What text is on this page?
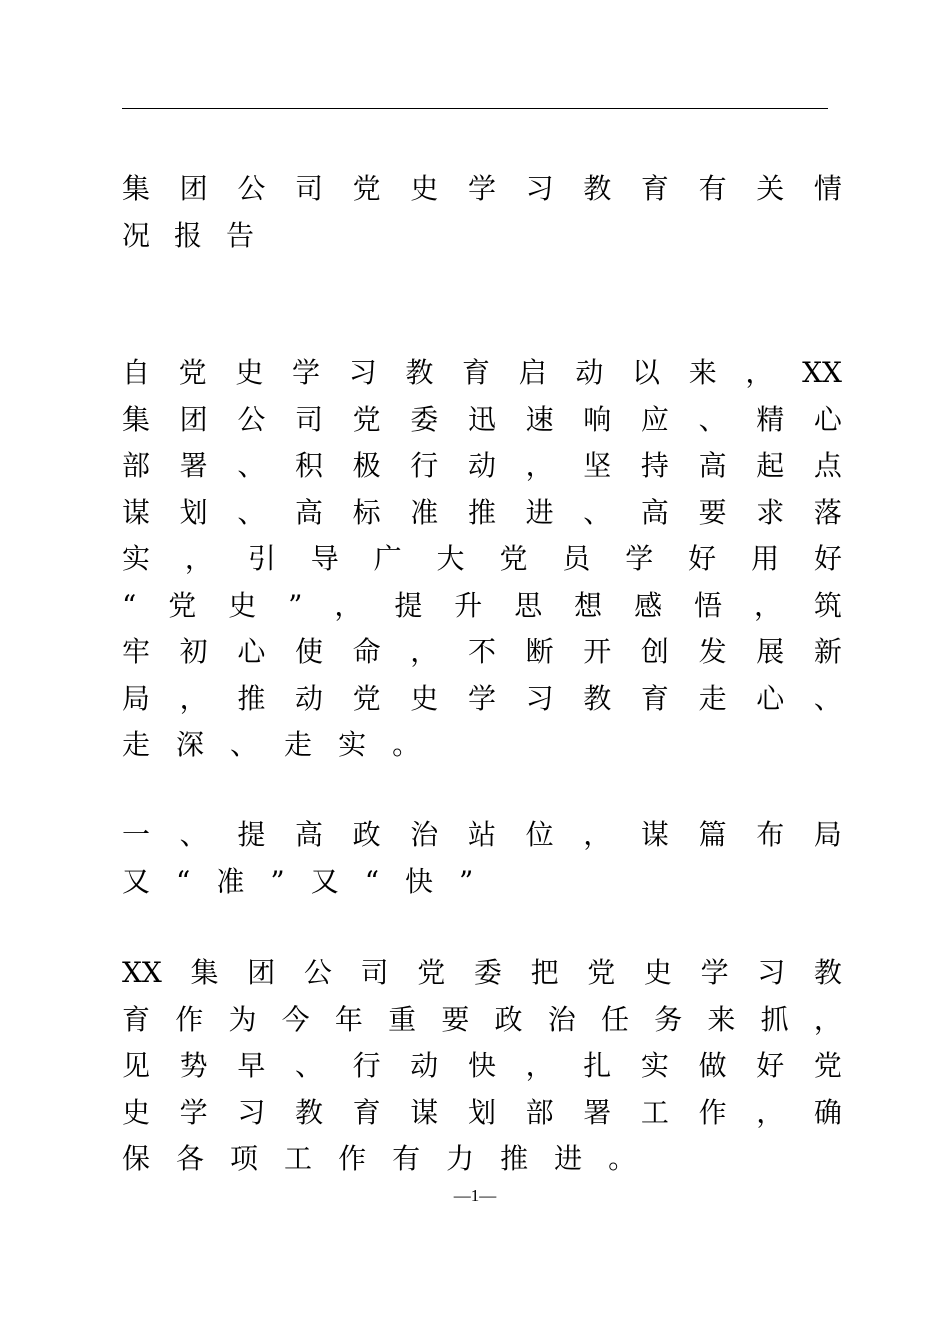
集 团 公 司 党 史 学 习 教 育 有 关 情
况 报 告
自 党 史 学 习 教 育 启 动 以 来 ， XX
集 团 公 司 党 委 迅 速 响 应 、 精 心
部 署 、 积 极 行 动 ， 坚 持 高 起 点
谋 划 、 高 标 准 推 进 、 高 要 求 落
实 ， 引 导 广 大 党 员 学 好 用 好
“ 党 史 ” ， 提 升 思 想 感 悟 ， 筑
牢 初 心 使 命 ， 不 断 开 创 发 展 新
局 ， 推 动 党 史 学 习 教 育 走 心 、
走 深 、 走 实 。
一 、 提 高 政 治 站 位 ， 谋 篇 布 局
又 “ 准 ” 又 “ 快 ”
XX 集 团 公 司 党 委 把 党 史 学 习 教
育 作 为 今 年 重 要 政 治 任 务 来 抓 ，
见 势 早 、 行 动 快 ， 扎 实 做 好 党
史 学 习 教 育 谋 划 部 署 工 作 ， 确
保 各 项 工 作 有 力 推 进 。
—1—
